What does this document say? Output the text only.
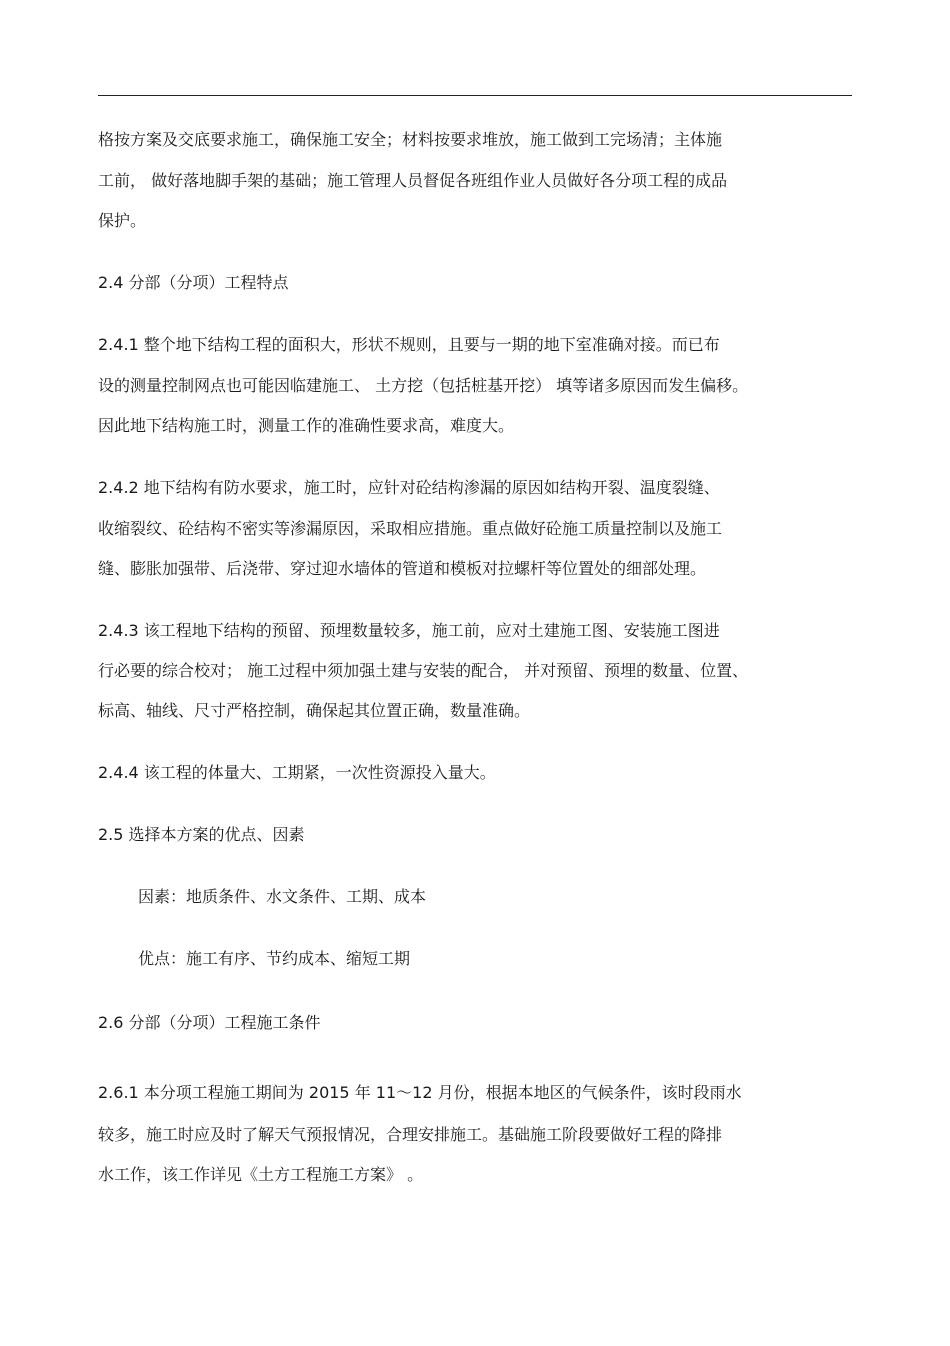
格按方案及交底要求施工，确保施工安全；材料按要求堆放，施工做到工完场清；主体施
工前， 做好落地脚手架的基础；施工管理人员督促各班组作业人员做好各分项工程的成品
保护。
2.4 分部（分项）工程特点
2.4.1 整个地下结构工程的面积大，形状不规则，且要与一期的地下室准确对接。而已布
设的测量控制网点也可能因临建施工、 土方挖（包括桩基开挖） 填等诸多原因而发生偏移。
因此地下结构施工时，测量工作的准确性要求高，难度大。
2.4.2 地下结构有防水要求，施工时，应针对砼结构渗漏的原因如结构开裂、温度裂缝、
收缩裂纹、砼结构不密实等渗漏原因，采取相应措施。重点做好砼施工质量控制以及施工
缝、膨胀加强带、后浇带、穿过迎水墙体的管道和模板对拉螺杆等位置处的细部处理。
2.4.3 该工程地下结构的预留、预埋数量较多，施工前，应对土建施工图、安装施工图进
行必要的综合校对； 施工过程中须加强土建与安装的配合， 并对预留、预埋的数量、位置、
标高、轴线、尺寸严格控制，确保起其位置正确，数量准确。
2.4.4 该工程的体量大、工期紧，一次性资源投入量大。
2.5 选择本方案的优点、因素
因素：地质条件、水文条件、工期、成本
优点：施工有序、节约成本、缩短工期
2.6 分部（分项）工程施工条件
2.6.1 本分项工程施工期间为 2015 年 11～12 月份，根据本地区的气候条件，该时段雨水
较多，施工时应及时了解天气预报情况，合理安排施工。基础施工阶段要做好工程的降排
水工作，该工作详见《土方工程施工方案》 。
